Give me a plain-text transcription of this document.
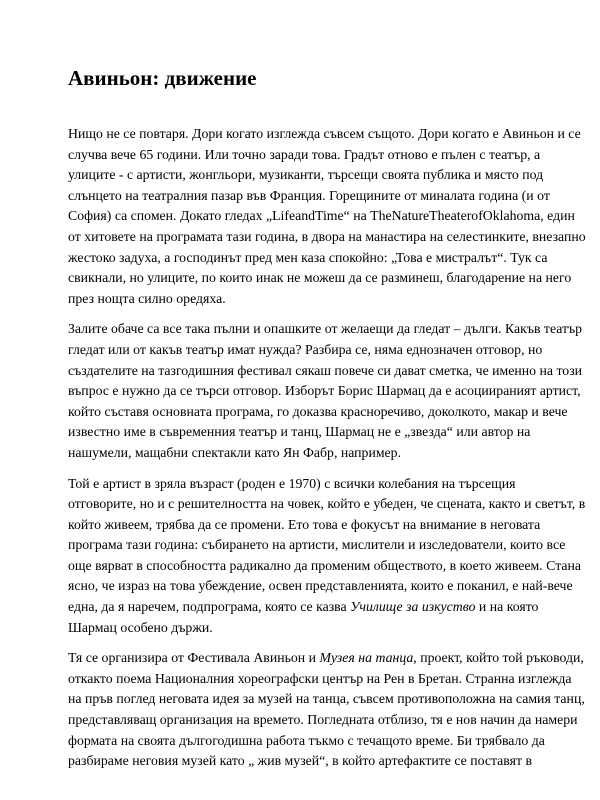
Авиньон: движение

Нищо не се повтаря. Дори когато изглежда съвсем същото. Дори когато е Авиньон и се
случва вече 65 години. Или точно заради това. Градът отново е пълен с театър, а
улиците - с артисти, жонгльори, музиканти, търсещи своята публика и място под
слънцето на театралния пазар във Франция. Горещините от миналата година (и от
София) са спомен. Докато гледах „LifeandTime“ на TheNatureTheaterofOklahoma, един
от хитовете на програмата тази година, в двора на манастира на селестинките, внезапно
жестоко задуха, а господинът пред мен каза спокойно: „Това е мистралът“. Тук са
свикнали, но улиците, по които инак не можеш да се разминеш, благодарение на него
през нощта силно оредяха.

Залите обаче са все така пълни и опашките от желаещи да гледат – дълги. Какъв театър
гледат или от какъв театър имат нужда? Разбира се, няма еднозначен отговор, но
създателите на тазгодишния фестивал сякаш повече си дават сметка, че именно на този
въпрос е нужно да се търси отговор. Изборът Борис Шармац да е асоциираният артист,
който съставя основната програма, го доказва красноречиво, доколкото, макар и вече
известно име в съвременния театър и танц, Шармац не е „звезда“ или автор на
нашумели, мащабни спектакли като Ян Фабр, например.

Той е артист в зряла възраст (роден е 1970) с всички колебания на търсещия
отговорите, но и с решителността на човек, който е убеден, че сцената, както и светът, в
който живеем, трябва да се промени. Ето това е фокусът на внимание в неговата
програма тази година: събирането на артисти, мислители и изследователи, които все
още вярват в способността радикално да променим обществото, в което живеем. Стана
ясно, че израз на това убеждение, освен представленията, които е поканил, е най-вече
една, да я наречем, подпрограма, която се казва Училище за изкуство и на която
Шармац особено държи.

Тя се организира от Фестивала Авиньон и Музея на танца, проект, който той ръководи,
откакто поема Националния хореографски център на Рен в Бретан. Странна изглежда
на пръв поглед неговата идея за музей на танца, съвсем противоположна на самия танц,
представляващ организация на времето. Погледната отблизо, тя е нов начин да намери
формата на своята дългогодишна работа тъкмо с течащото време. Би трябвало да
разбираме неговия музей като „ жив музей“, в който артефактите се поставят в
